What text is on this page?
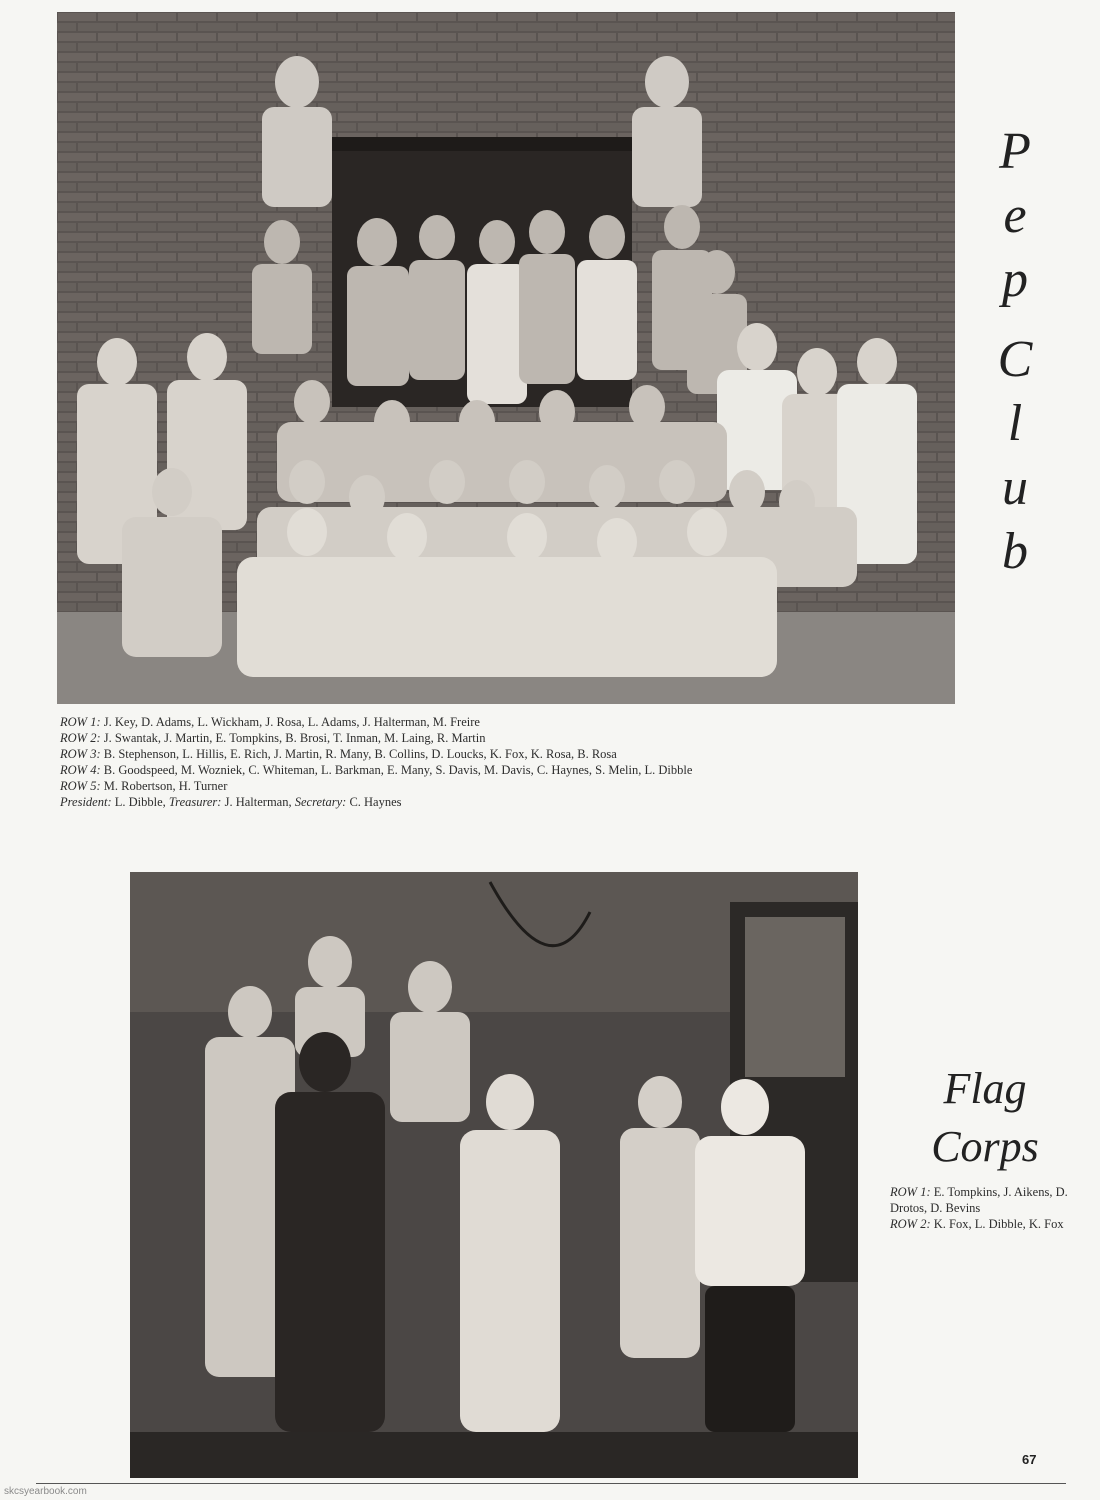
P
e
p
C
l
u
b
ROW 1: J. Key, D. Adams, L. Wickham, J. Rosa, L. Adams, J. Halterman, M. Freire
ROW 2: J. Swantak, J. Martin, E. Tompkins, B. Brosi, T. Inman, M. Laing, R. Martin
ROW 3: B. Stephenson, L. Hillis, E. Rich, J. Martin, R. Many, B. Collins, D. Loucks, K. Fox, K. Rosa, B. Rosa
ROW 4: B. Goodspeed, M. Wozniek, C. Whiteman, L. Barkman, E. Many, S. Davis, M. Davis, C. Haynes, S. Melin, L. Dibble
ROW 5: M. Robertson, H. Turner
President: L. Dibble, Treasurer: J. Halterman, Secretary: C. Haynes
Flag
Corps
ROW 1: E. Tompkins, J. Aikens, D. Drotos, D. Bevins
ROW 2: K. Fox, L. Dibble, K. Fox
67
skcsyearbook.com
